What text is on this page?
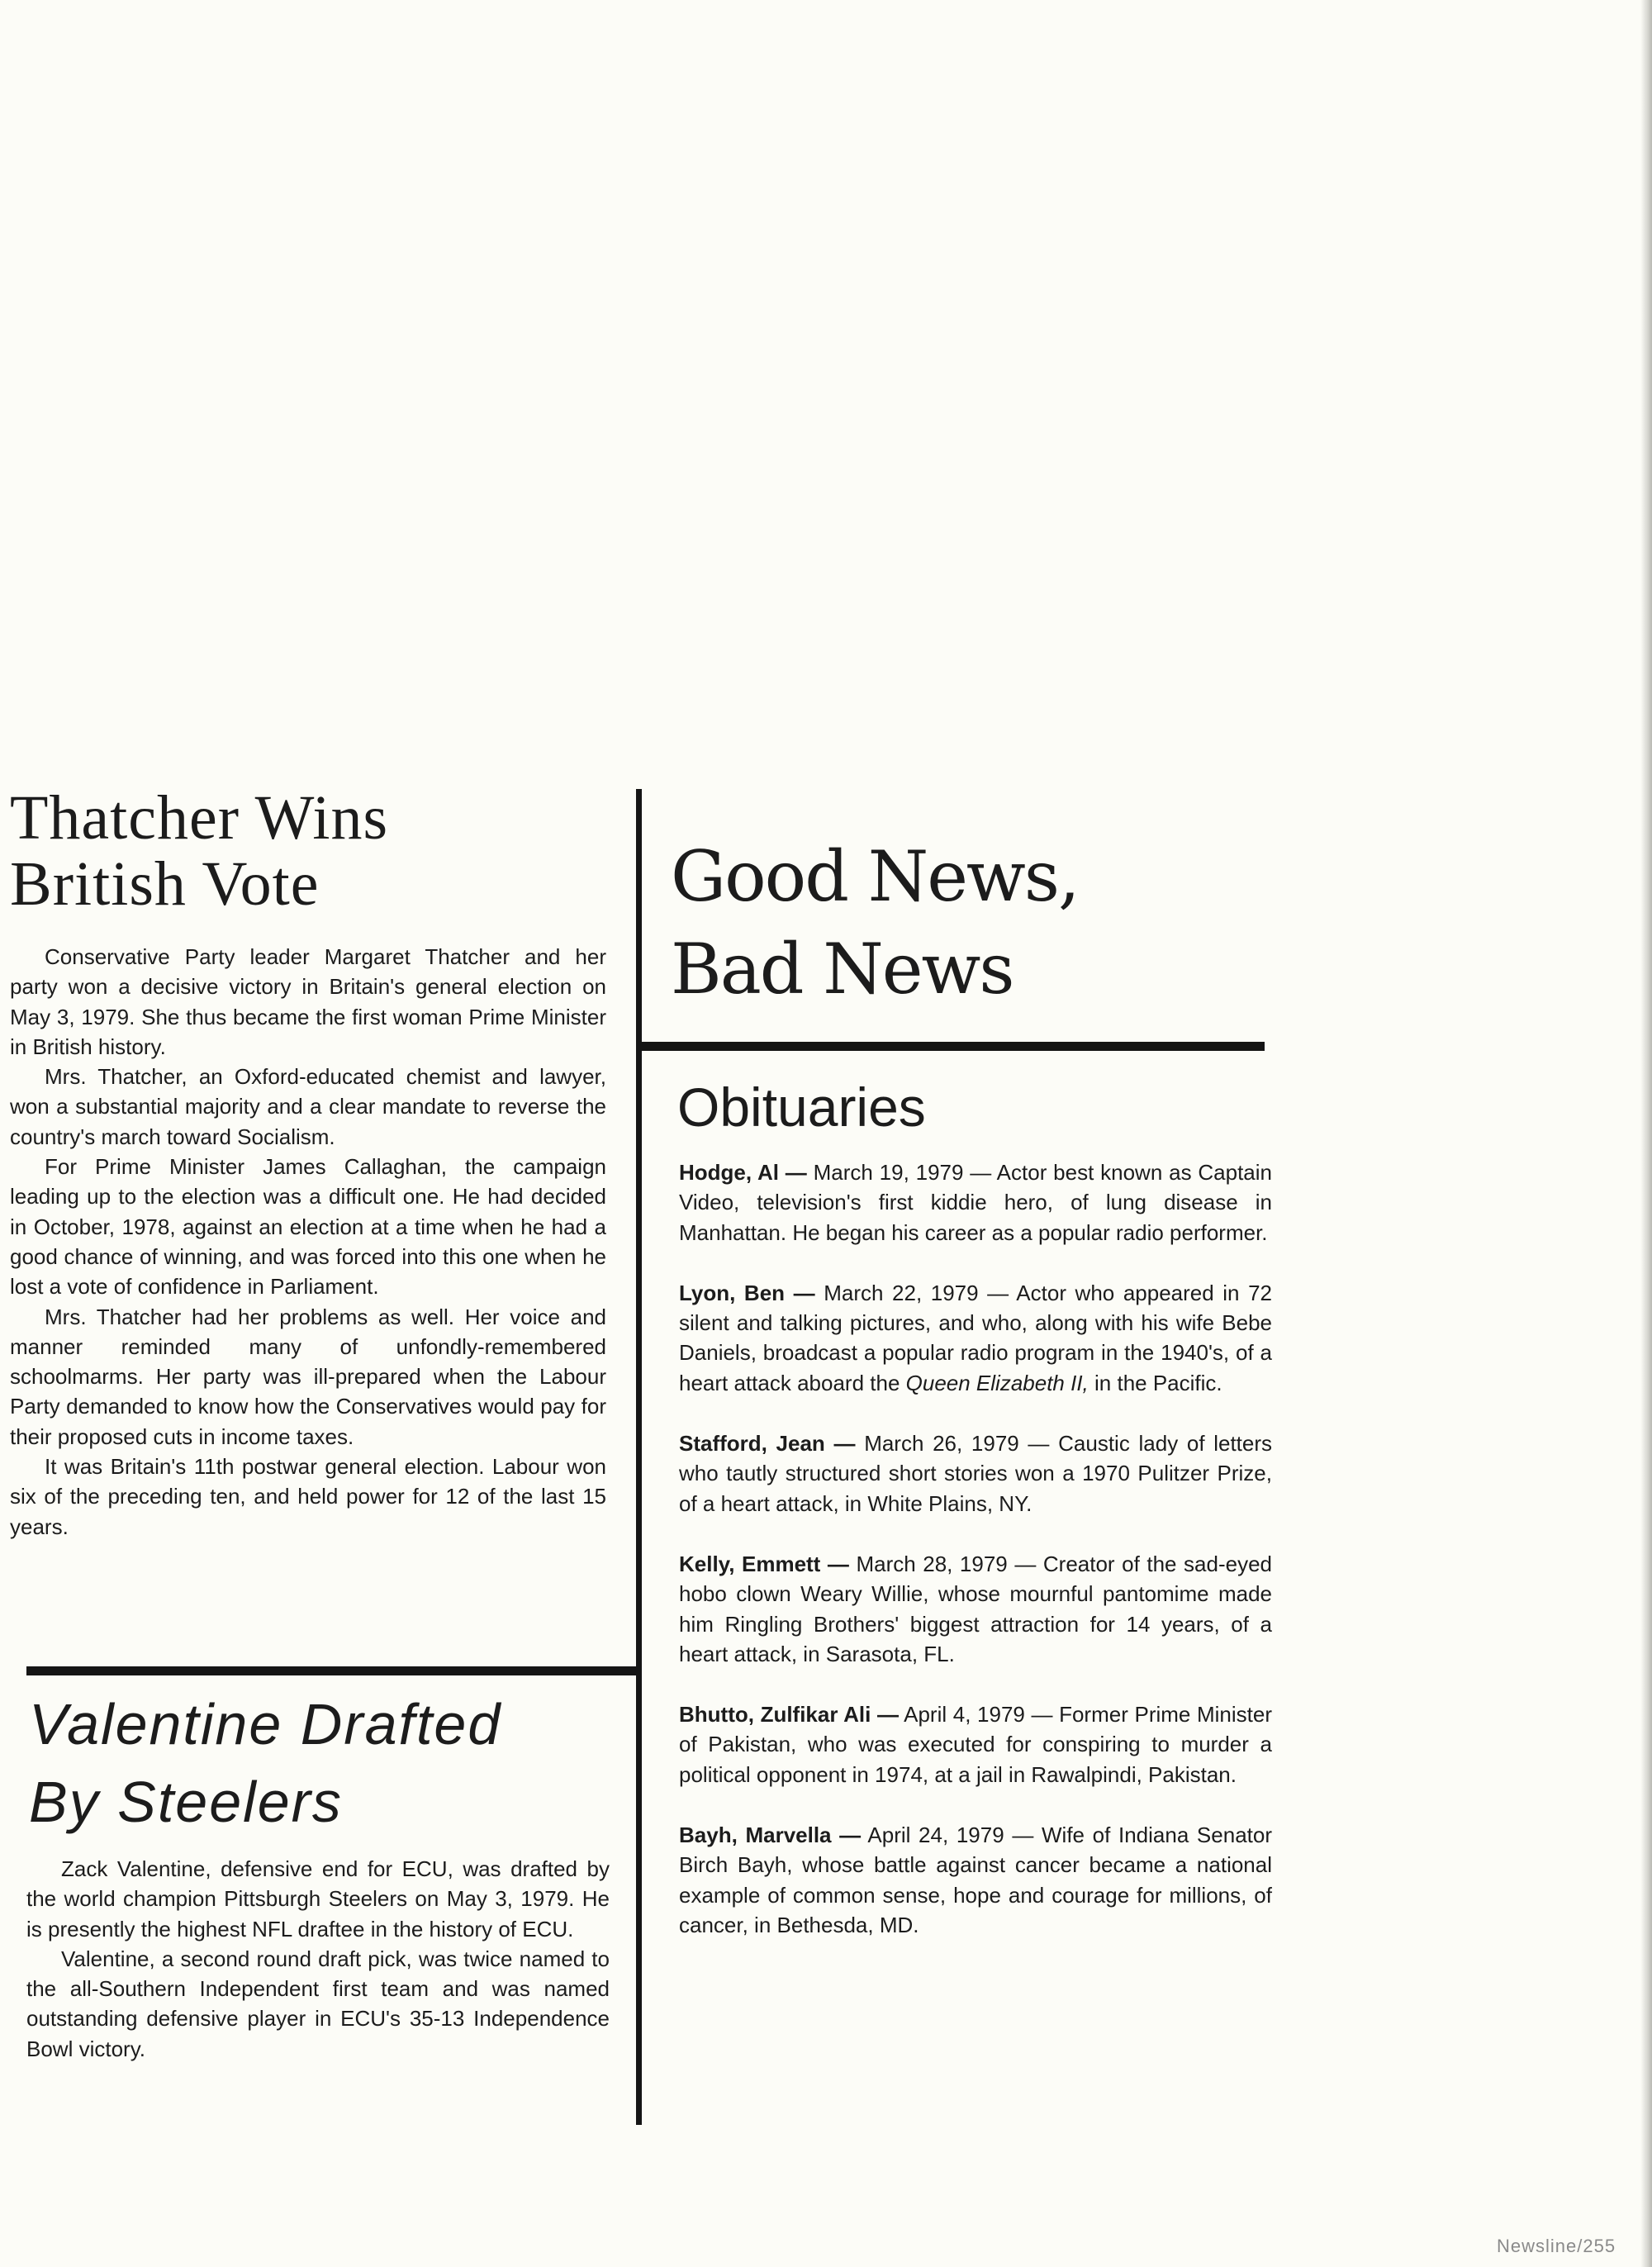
Thatcher Wins
British Vote

Conservative Party leader Margaret Thatcher and her party won a decisive victory in Britain's general election on May 3, 1979. She thus became the first woman Prime Minister in British history.

Mrs. Thatcher, an Oxford-educated chemist and lawyer, won a substantial majority and a clear mandate to reverse the country's march toward Socialism.

For Prime Minister James Callaghan, the campaign leading up to the election was a difficult one. He had decided in October, 1978, against an election at a time when he had a good chance of winning, and was forced into this one when he lost a vote of confidence in Parliament.

Mrs. Thatcher had her problems as well. Her voice and manner reminded many of unfondly-remembered schoolmarms. Her party was ill-prepared when the Labour Party demanded to know how the Conservatives would pay for their proposed cuts in income taxes.

It was Britain's 11th postwar general election. Labour won six of the preceding ten, and held power for 12 of the last 15 years.

Valentine Drafted
By Steelers

Zack Valentine, defensive end for ECU, was drafted by the world champion Pittsburgh Steelers on May 3, 1979. He is presently the highest NFL draftee in the history of ECU.

Valentine, a second round draft pick, was twice named to the all-Southern Independent first team and was named outstanding defensive player in ECU's 35-13 Independence Bowl victory.

Good News,
Bad News
Obituaries

Hodge, Al — March 19, 1979 — Actor best known as Captain Video, television's first kiddie hero, of lung disease in Manhattan. He began his career as a popular radio performer.

Lyon, Ben — March 22, 1979 — Actor who appeared in 72 silent and talking pictures, and who, along with his wife Bebe Daniels, broadcast a popular radio program in the 1940's, of a heart attack aboard the Queen Elizabeth II, in the Pacific.

Stafford, Jean — March 26, 1979 — Caustic lady of letters who tautly structured short stories won a 1970 Pulitzer Prize, of a heart attack, in White Plains, NY.

Kelly, Emmett — March 28, 1979 — Creator of the sad-eyed hobo clown Weary Willie, whose mournful pantomime made him Ringling Brothers' biggest attraction for 14 years, of a heart attack, in Sarasota, FL.

Bhutto, Zulfikar Ali — April 4, 1979 — Former Prime Minister of Pakistan, who was executed for conspiring to murder a political opponent in 1974, at a jail in Rawalpindi, Pakistan.

Bayh, Marvella — April 24, 1979 — Wife of Indiana Senator Birch Bayh, whose battle against cancer became a national example of common sense, hope and courage for millions, of cancer, in Bethesda, MD.

Newsline/255
